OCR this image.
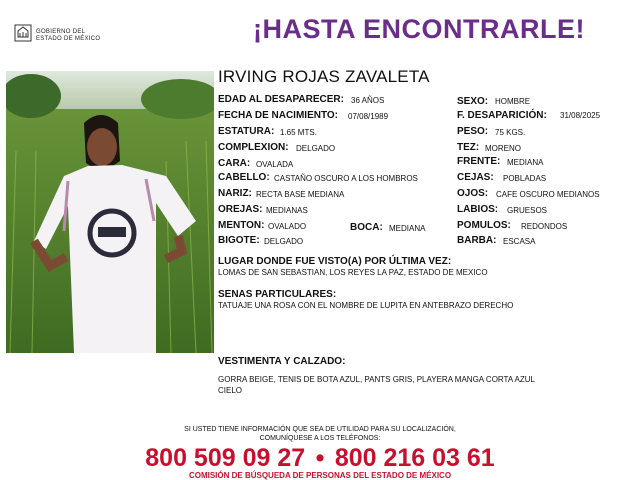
GOBIERNO DEL
ESTADO DE MÉXICO	¡HASTA ENCONTRARLE!
IRVING ROJAS ZAVALETA
EDAD AL DESAPARECER: 36 AÑOS
FECHA DE NACIMIENTO: 07/08/1989
ESTATURA: 1.65 MTS.
COMPLEXION: DELGADO
CARA: OVALADA
CABELLO: CASTAÑO OSCURO A LOS HOMBROS
NARIZ: RECTA BASE MEDIANA
OREJAS: MEDIANAS
MENTON: OVALADO	BOCA: MEDIANA
BIGOTE: DELGADO
SEXO: HOMBRE
F. DESAPARICIÓN: 31/08/2025
PESO: 75 KGS.
TEZ: MORENO
FRENTE: MEDIANA
CEJAS: POBLADAS
OJOS: CAFE OSCURO MEDIANOS
LABIOS: GRUESOS
POMULOS: REDONDOS
BARBA: ESCASA
LUGAR DONDE FUE VISTO(A) POR ÚLTIMA VEZ:
LOMAS DE SAN SEBASTIAN, LOS REYES LA PAZ, ESTADO DE MEXICO
SENAS PARTICULARES:
TATUAJE UNA ROSA CON EL NOMBRE DE LUPITA EN ANTEBRAZO DERECHO
VESTIMENTA Y CALZADO:
GORRA BEIGE, TENIS DE BOTA AZUL, PANTS GRIS, PLAYERA MANGA CORTA AZUL
CIELO
SI USTED TIENE INFORMACIÓN QUE SEA DE UTILIDAD PARA SU LOCALIZACIÓN,
COMUNÍQUESE A LOS TELÉFONOS:
800 509 09 27 • 800 216 03 61
COMISIÓN DE BÚSQUEDA DE PERSONAS DEL ESTADO DE MÉXICO
